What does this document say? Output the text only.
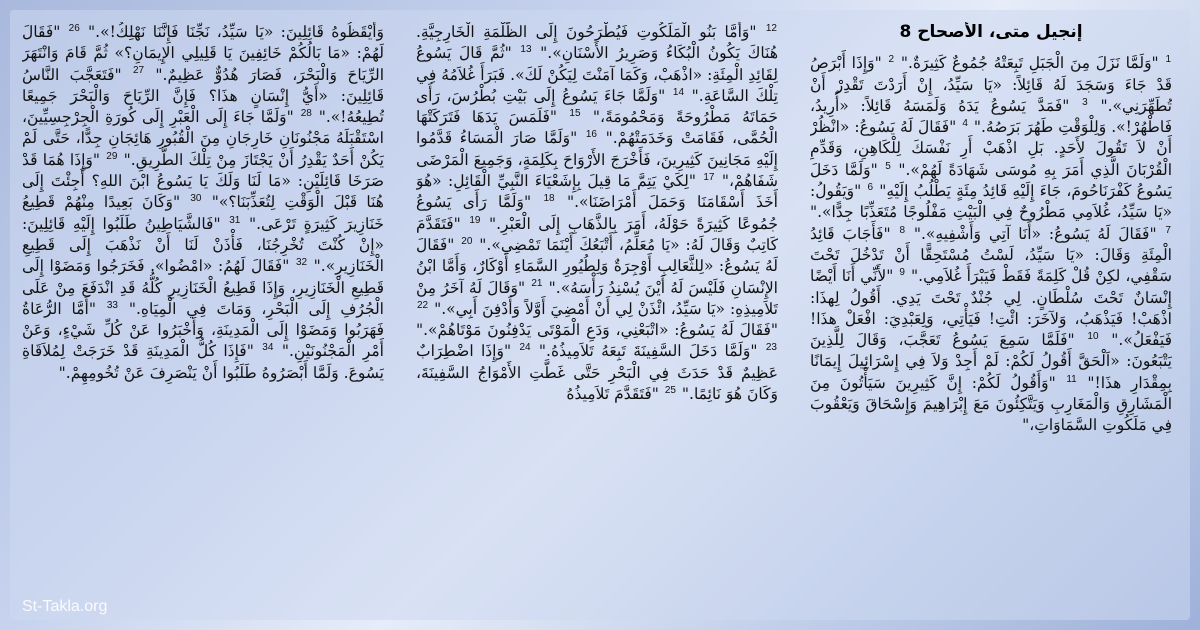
إنجيل متى، الأصحاح 8
$^1$ "وَلَمَّا نَزَلَ مِنَ الْجَبَلِ تَبِعَتْهُ جُمُوعٌ كَثِيرَةٌ." $^2$ "وَإِذَا أَبْرَصُ قَدْ جَاءَ وَسَجَدَ لَهُ قَائِلاً: «يَا سَيِّدُ، إِنْ أَرَدْتَ تَقْدِرْ أَنْ تُطَهِّرَنِي»." $^3$ "فَمَدَّ يَسُوعُ يَدَهُ وَلَمَسَهُ قَائِلاً: «أُرِيدُ، فَاطْهُرْ!». وَلِلْوَقْتِ طَهُرَ بَرَصُهُ." $^4$ "فَقَالَ لَهُ يَسُوعُ: «انْظُرْ أَنْ لاَ تَقُولَ لأَحَدٍ. بَلِ اذْهَبْ أَرِ نَفْسَكَ لِلْكَاهِنِ، وَقَدِّمِ الْقُرْبَانَ الَّذِي أَمَرَ بِهِ مُوسَى شَهَادَةً لَهُمْ»." $^5$ "وَلَمَّا دَخَلَ يَسُوعُ كَفْرَنَاحُومَ، جَاءَ إِلَيْهِ قَائِدُ مِئَةٍ يَطْلُبُ إِلَيْهِ" $^6$ "وَيَقُولُ: «يَا سَيِّدُ، غُلاَمِي مَطْرُوحٌ فِي الْبَيْتِ مَفْلُوجًا مُتَعَذِّبًا جِدًّا»." $^7$ "فَقَالَ لَهُ يَسُوعُ: «أَنَا آتِي وَأَشْفِيهِ»." $^8$ "فَأَجَابَ قَائِدُ الْمِئَةِ وَقَالَ: «يَا سَيِّدُ، لَسْتُ مُسْتَحِقًّا أَنْ تَدْخُلَ تَحْتَ سَقْفِي، لكِنْ قُلْ كَلِمَةً فَقَطْ فَيَبْرَأَ غُلاَمِي." $^9$ "لأَنِّي أَنَا أَيْضًا إِنْسَانٌ تَحْتَ سُلْطَانٍ. لِي جُنْدٌ تَحْتَ يَدِي. أَقُولُ لِهذَا: اذْهَبْ! فَيَذْهَبُ، وَلآخَرَ: ائْتِ! فَيَأْتِي، وَلِعَبْدِيَ: افْعَلْ هذَا! فَيَفْعَلُ»." $^{10}$ "فَلَمَّا سَمِعَ يَسُوعُ تَعَجَّبَ، وَقَالَ لِلَّذِينَ يَتْبَعُونَ: «اَلْحَقَّ أَقُولُ لَكُمْ: لَمْ أَجِدْ وَلاَ فِي إِسْرَائِيلَ إِيمَانًا بِمِقْدَارِ هذَا!" $^{11}$ "وَأَقُولُ لَكُمْ: إِنَّ كَثِيرِينَ سَيَأْتُونَ مِنَ الْمَشَارِقِ وَالْمَغَارِبِ وَيَتَّكِئُونَ مَعَ إِبْرَاهِيمَ وَإِسْحَاقَ وَيَعْقُوبَ فِي مَلَكُوتِ السَّمَاوَاتِ،"
$^{12}$ "وَأَمَّا بَنُو الْمَلَكُوتِ فَيُطْرَحُونَ إِلَى الظُّلْمَةِ الْخَارِجِيَّةِ. هُنَاكَ يَكُونُ الْبُكَاءُ وَصَرِيرُ الأَسْنَانِ»." $^{13}$ "ثُمَّ قَالَ يَسُوعُ لِقَائِدِ الْمِئَةِ: «اذْهَبْ، وَكَمَا آمَنْتَ لِيَكُنْ لَكَ». فَبَرَأَ غُلاَمُهُ فِي تِلْكَ السَّاعَةِ." $^{14}$ "وَلَمَّا جَاءَ يَسُوعُ إِلَى بَيْتِ بُطْرُسَ، رَأَى حَمَاتَهُ مَطْرُوحَةً وَمَحْمُومَةً،" $^{15}$ "فَلَمَسَ يَدَهَا فَتَرَكَتْهَا الْحُمَّى، فَقَامَتْ وَخَدَمَتْهُمْ." $^{16}$ "وَلَمَّا صَارَ الْمَسَاءُ قَدَّمُوا إِلَيْهِ مَجَانِينَ كَثِيرِينَ، فَأَخْرَجَ الأَرْوَاحَ بِكَلِمَةٍ، وَجَمِيعَ الْمَرْضَى شَفَاهُمْ،" $^{17}$ "لِكَيْ يَتِمَّ مَا قِيلَ بِإِشَعْيَاءَ النَّبِيِّ الْقَائِلِ: «هُوَ أَخَذَ أَسْقَامَنَا وَحَمَلَ أَمْرَاضَنَا»." $^{18}$ "وَلَمَّا رَأَى يَسُوعُ جُمُوعًا كَثِيرَةً حَوْلَهُ، أَمَرَ بِالذَّهَابِ إِلَى الْعَبْرِ." $^{19}$ "فَتَقَدَّمَ كَاتِبٌ وَقَالَ لَهُ: «يَا مُعَلِّمُ، أَتْبَعُكَ أَيْنَمَا تَمْضِي»." $^{20}$ "فَقَالَ لَهُ يَسُوعُ: «لِلثَّعَالِبِ أَوْجِرَةٌ وَلِطُيُورِ السَّمَاءِ أَوْكَارٌ، وَأَمَّا ابْنُ الإِنْسَانِ فَلَيْسَ لَهُ أَيْنَ يُسْنِدُ رَأْسَهُ»." $^{21}$ "وَقَالَ لَهُ آخَرُ مِنْ تَلاَمِيذِهِ: «يَا سَيِّدُ، ائْذَنْ لِي أَنْ أَمْضِيَ أَوَّلاً وَأَدْفِنَ أَبِي»." $^{22}$ "فَقَالَ لَهُ يَسُوعُ: «اتْبَعْنِي، وَدَعِ الْمَوْتَى يَدْفِنُونَ مَوْتَاهُمْ»." $^{23}$ "وَلَمَّا دَخَلَ السَّفِينَةَ تَبِعَهُ تَلاَمِيذُهُ." $^{24}$ "وَإِذَا اضْطِرَابٌ عَظِيمٌ قَدْ حَدَثَ فِي الْبَحْرِ حَتَّى غَطَّتِ الأَمْوَاجُ السَّفِينَةَ، وَكَانَ هُوَ نَائِمًا." $^{25}$ "فَتَقَدَّمَ تَلاَمِيذُهُ
وَأَيْقَظُوهُ قَائِلِينَ: «يَا سَيِّدُ، نَجِّنَا فَإِنَّنَا نَهْلِكُ!»." $^{26}$ "فَقَالَ لَهُمْ: «مَا بَالُكُمْ خَائِفِينَ يَا قَلِيلِي الإِيمَانِ؟» ثُمَّ قَامَ وَانْتَهَرَ الرِّيَاحَ وَالْبَحْرَ، فَصَارَ هُدُوٌّ عَظِيمٌ." $^{27}$ "فَتَعَجَّبَ النَّاسُ قَائِلِينَ: «أَيُّ إِنْسَانٍ هذَا؟ فَإِنَّ الرِّيَاحَ وَالْبَحْرَ جَمِيعًا تُطِيعُهُ!»." $^{28}$ "وَلَمَّا جَاءَ إِلَى الْعَبْرِ إِلَى كُورَةِ الْجِرْجِسِيِّينَ، اسْتَقْبَلَهُ مَجْنُونَانِ خَارِجَانِ مِنَ الْقُبُورِ هَائِجَانِ جِدًّا، حَتَّى لَمْ يَكُنْ أَحَدٌ يَقْدِرُ أَنْ يَجْتَازَ مِنْ تِلْكَ الطَّرِيقِ." $^{29}$ "وَإِذَا هُمَا قَدْ صَرَخَا قَائِلَيْنِ: «مَا لَنَا وَلَكَ يَا يَسُوعُ ابْنَ اللهِ؟ أَجِئْتَ إِلَى هُنَا قَبْلَ الْوَقْتِ لِتُعَذِّبَنَا؟»" $^{30}$ "وَكَانَ بَعِيدًا مِنْهُمْ قَطِيعُ خَنَازِيرَ كَثِيرَةٍ تَرْعَى." $^{31}$ "فَالشَّيَاطِينُ طَلَبُوا إِلَيْهِ قَائِلِينَ: «إِنْ كُنْتَ تُخْرِجُنَا، فَأْذَنْ لَنَا أَنْ نَذْهَبَ إِلَى قَطِيعِ الْخَنَازِيرِ»." $^{32}$ "فَقَالَ لَهُمُ: «امْضُوا». فَخَرَجُوا وَمَضَوْا إِلَى قَطِيعِ الْخَنَازِيرِ، وَإِذَا قَطِيعُ الْخَنَازِيرِ كُلُّهُ قَدِ انْدَفَعَ مِنْ عَلَى الْجُرُفِ إِلَى الْبَحْرِ، وَمَاتَ فِي الْمِيَاهِ." $^{33}$ "أَمَّا الرُّعَاةُ فَهَرَبُوا وَمَضَوْا إِلَى الْمَدِينَةِ، وَأَخْبَرُوا عَنْ كُلِّ شَيْءٍ، وَعَنْ أَمْرِ الْمَجْنُونَيْنِ." $^{34}$ "فَإِذَا كُلُّ الْمَدِينَةِ قَدْ خَرَجَتْ لِمُلاَقَاةِ يَسُوعَ. وَلَمَّا أَبْصَرُوهُ طَلَبُوا أَنْ يَنْصَرِفَ عَنْ تُخُومِهِمْ."
St-Takla.org
